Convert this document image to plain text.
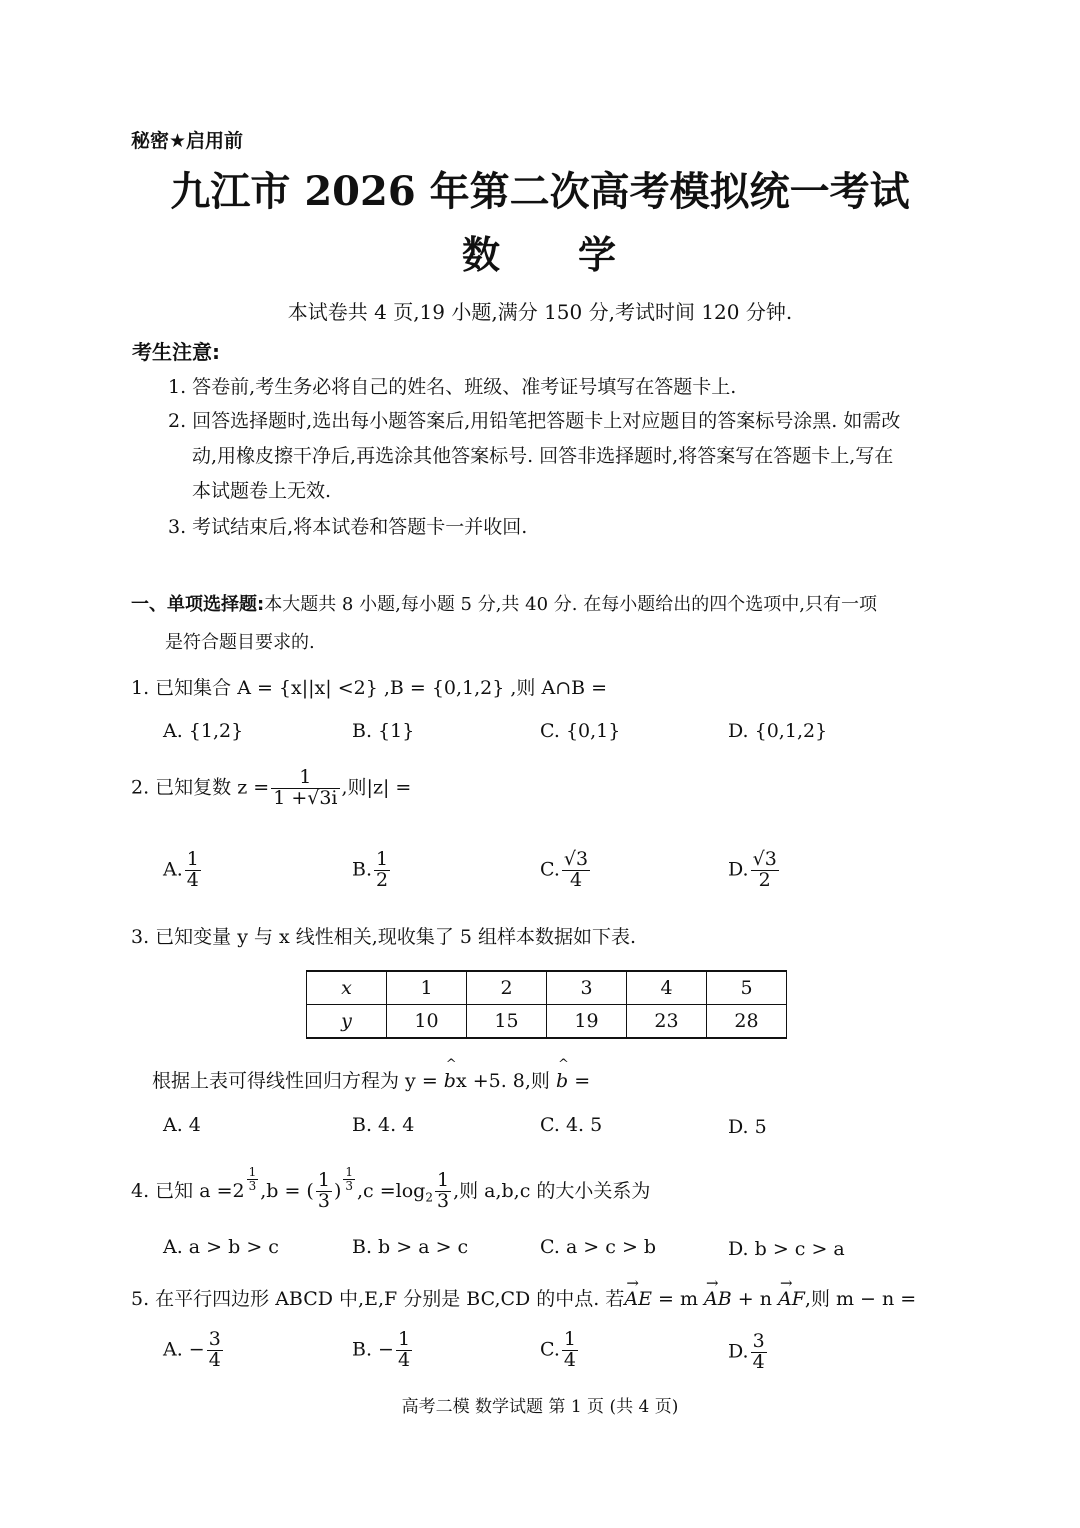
秘密★启用前
九江市 2026 年第二次高考模拟统一考试
数 学
本试卷共 4 页,19 小题,满分 150 分,考试时间 120 分钟.
考生注意:
1. 答卷前,考生务必将自己的姓名、班级、准考证号填写在答题卡上.
2. 回答选择题时,选出每小题答案后,用铅笔把答题卡上对应题目的答案标号涂黑. 如需改
动,用橡皮擦干净后,再选涂其他答案标号. 回答非选择题时,将答案写在答题卡上,写在
本试题卷上无效.
3. 考试结束后,将本试卷和答题卡一并收回.
一、单项选择题:本大题共 8 小题,每小题 5 分,共 40 分. 在每小题给出的四个选项中,只有一项
是符合题目要求的.
1. 已知集合 A = {x||x| <2} ,B = {0,1,2} ,则 A∩B =
A. {1,2}	B. {1}	C. {0,1}	D. {0,1,2}
2. 已知复数 $z = \frac{1}{1 +√3i}$ ,则|z| =
A. $\frac{1}{4}$	B. $\frac{1}{2}$	C. $\frac{√3}{4}$	D. $\frac{√3}{2}$
3. 已知变量 y 与 x 线性相关,现收集了 5 组样本数据如下表.
x	1	2	3	4	5
y	10	15	19	23	28
根据上表可得线性回归方程为 y = ^ bx +5. 8,则 ^ b =
A. 4	B. 4. 4	C. 4. 5	D. 5
4. 已知 $a =2 \frac{1}{3} ,b$ = ( $\frac{1}{3}$ ) $\frac{1}{3} ,c =\log_2 \frac{1}{3}$ ,则 a,b,c 的大小关系为
A. a > b > c	B. b > a > c	C. a > c > b	D. b > c > a
5. 在平行四边形 ABCD 中,E,F 分别是 BC,CD 的中点. 若→ AE = m → AB + n → AF,则 m − n =
A. − $\frac{3}{4}$	B. − $\frac{1}{4}$	C. $\frac{1}{4}$	D. $\frac{3}{4}$
高考二模 数学试题 第 1 页 (共 4 页)
